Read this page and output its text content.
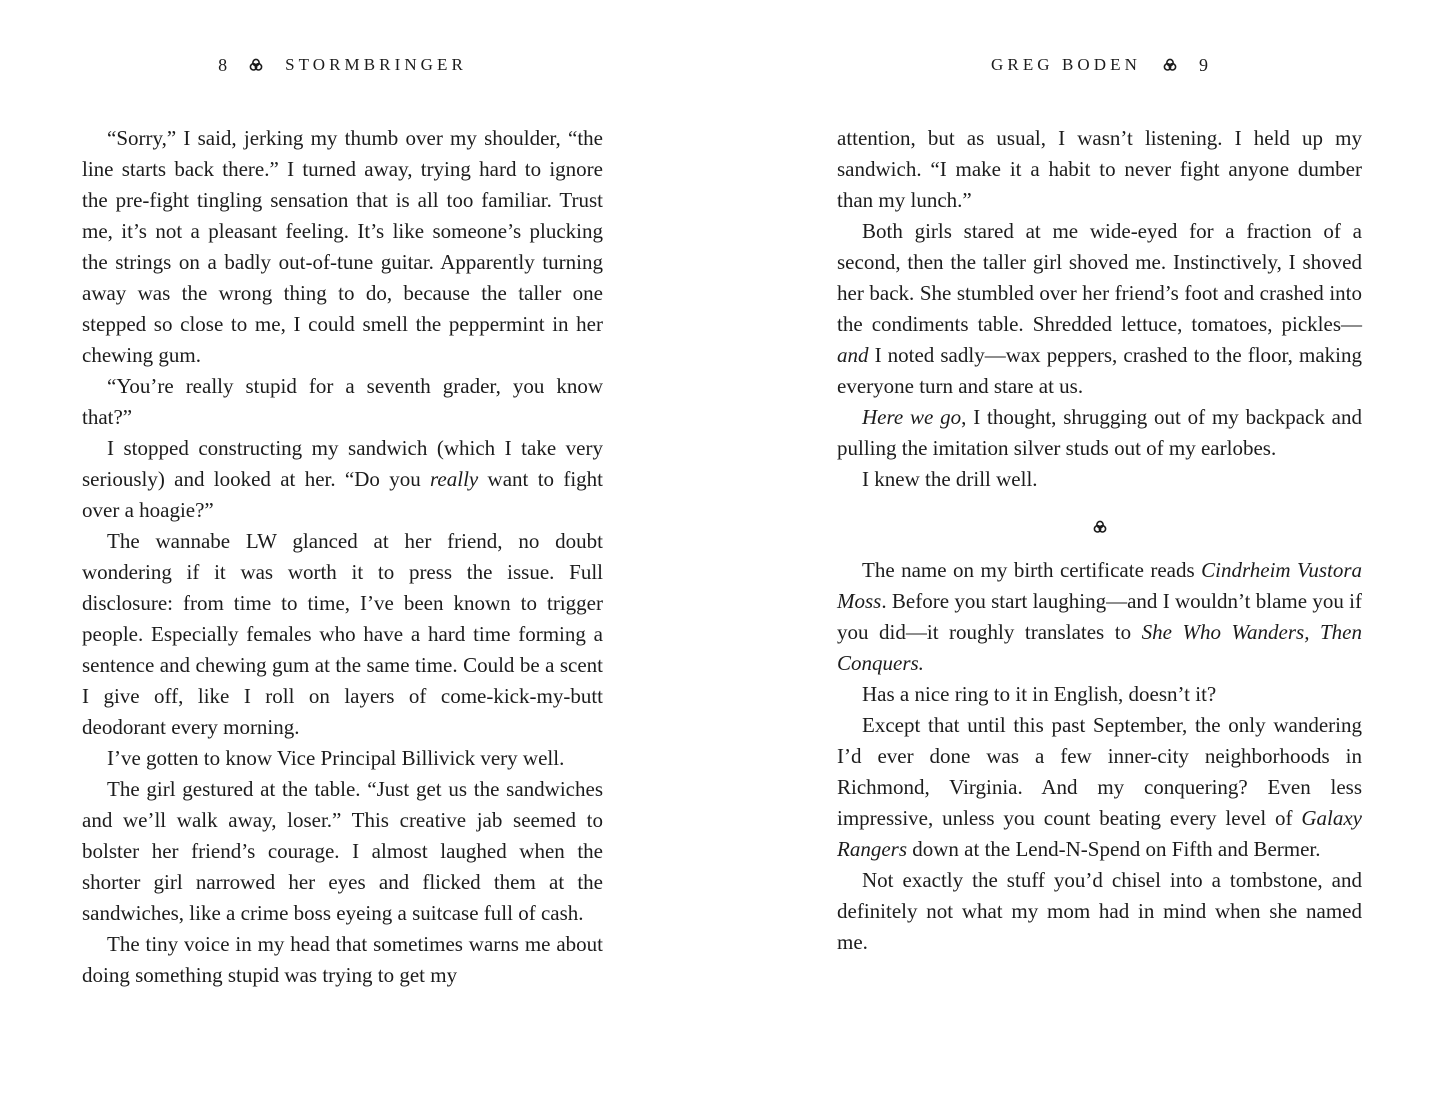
8	STORMBRINGER

“Sorry,” I said, jerking my thumb over my shoulder, “the line starts back there.” I turned away, trying hard to ignore the pre-fight tingling sensation that is all too familiar. Trust me, it’s not a pleasant feeling. It’s like someone’s plucking the strings on a badly out-of-tune guitar. Apparently turning away was the wrong thing to do, because the taller one stepped so close to me, I could smell the peppermint in her chewing gum.

“You’re really stupid for a seventh grader, you know that?”

I stopped constructing my sandwich (which I take very seriously) and looked at her. “Do you really want to fight over a hoagie?”

The wannabe LW glanced at her friend, no doubt wondering if it was worth it to press the issue. Full disclosure: from time to time, I’ve been known to trigger people. Especially females who have a hard time forming a sentence and chewing gum at the same time. Could be a scent I give off, like I roll on layers of come-kick-my-butt deodorant every morning.

I’ve gotten to know Vice Principal Billivick very well.

The girl gestured at the table. “Just get us the sandwiches and we’ll walk away, loser.” This creative jab seemed to bolster her friend’s courage. I almost laughed when the shorter girl narrowed her eyes and flicked them at the sandwiches, like a crime boss eyeing a suitcase full of cash.

The tiny voice in my head that sometimes warns me about doing something stupid was trying to get my

GREG BODEN	9

attention, but as usual, I wasn’t listening. I held up my sandwich. “I make it a habit to never fight anyone dumber than my lunch.”

Both girls stared at me wide-eyed for a fraction of a second, then the taller girl shoved me. Instinctively, I shoved her back. She stumbled over her friend’s foot and crashed into the condiments table. Shredded lettuce, tomatoes, pickles—and I noted sadly—wax peppers, crashed to the floor, making everyone turn and stare at us.

Here we go, I thought, shrugging out of my backpack and pulling the imitation silver studs out of my earlobes.

I knew the drill well.

The name on my birth certificate reads Cindrheim Vustora Moss. Before you start laughing—and I wouldn’t blame you if you did—it roughly translates to She Who Wanders, Then Conquers.

Has a nice ring to it in English, doesn’t it?

Except that until this past September, the only wandering I’d ever done was a few inner-city neighborhoods in Richmond, Virginia. And my conquering? Even less impressive, unless you count beating every level of Galaxy Rangers down at the Lend-N-Spend on Fifth and Bermer.

Not exactly the stuff you’d chisel into a tombstone, and definitely not what my mom had in mind when she named me.
